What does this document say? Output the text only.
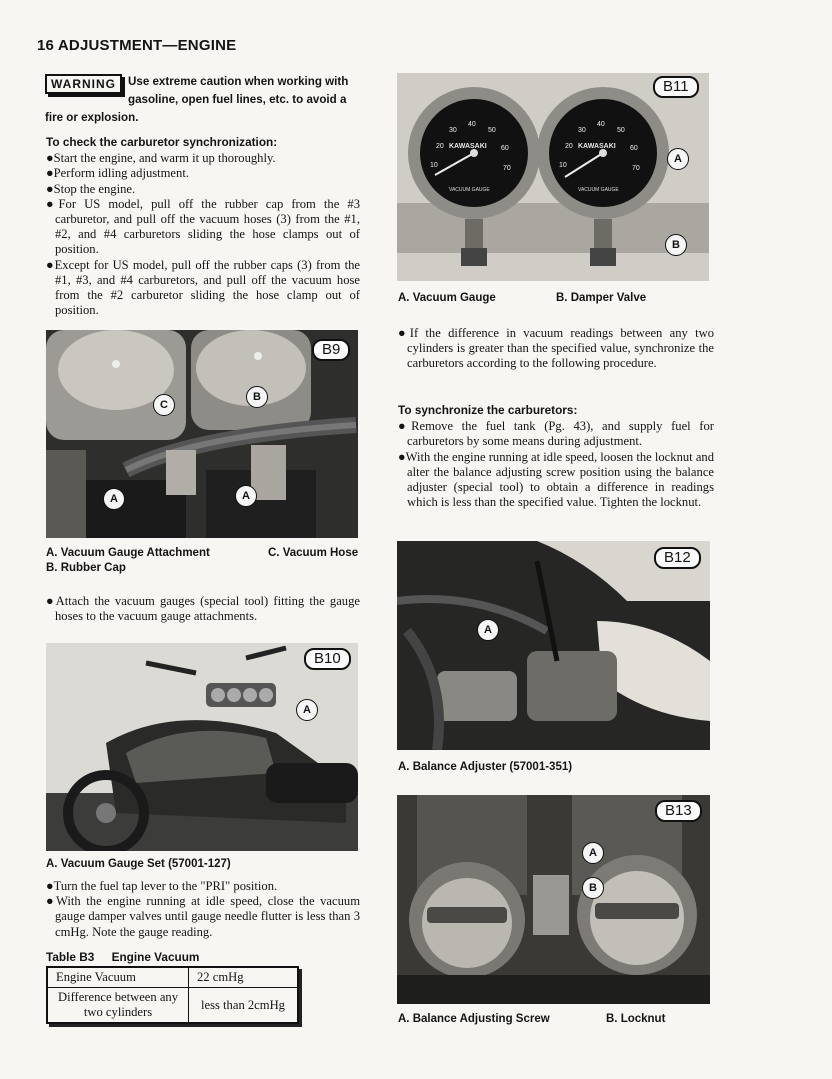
16 ADJUSTMENT—ENGINE
WARNING	Use extreme caution when working with gasoline, open fuel lines, etc. to avoid a fire or explosion.

To check the carburetor synchronization:

●Start the engine, and warm it up thoroughly.

●Perform idling adjustment.

●Stop the engine.

●For US model, pull off the rubber cap from the #3 carburetor, and pull off the vacuum hoses (3) from the #1, #2, and #4 carburetors sliding the hose clamps out of position.

●Except for US model, pull off the rubber caps (3) from the #1, #3, and #4 carburetors, and pull off the vacuum hose from the #2 carburetor sliding the hose clamp out of position.

B9
A	A
B
C
A. Vacuum Gauge Attachment	C. Vacuum Hose
B. Rubber Cap

●Attach the vacuum gauges (special tool) fitting the gauge hoses to the vacuum gauge attachments.

B10
A
A. Vacuum Gauge Set (57001-127)

●Turn the fuel tap lever to the "PRI" position.

●With the engine running at idle speed, close the vacuum gauge damper valves until gauge needle flutter is less than 3 cmHg. Note the gauge reading.

Table B3 Engine Vacuum
Engine Vacuum	22 cmHg
Difference between any two cylinders	less than 2cmHg
KAWASAKI	KAWASAKI
VACUUM GAUGE	VACUUM GAUGE
10
20
30
40
50
60
70	10
20
30
40
50
60
70
B11
A
B
A. Vacuum Gauge	B. Damper Valve

●If the difference in vacuum readings between any two cylinders is greater than the specified value, synchronize the carburetors according to the following procedure.

To synchronize the carburetors:

●Remove the fuel tank (Pg. 43), and supply fuel for carburetors by some means during adjustment.

●With the engine running at idle speed, loosen the locknut and alter the balance adjusting screw position using the balance adjuster (special tool) to obtain a difference in readings which is less than the specified value. Tighten the locknut.

B12
A
A. Balance Adjuster (57001-351)
B13
A
B
A. Balance Adjusting Screw	B. Locknut
